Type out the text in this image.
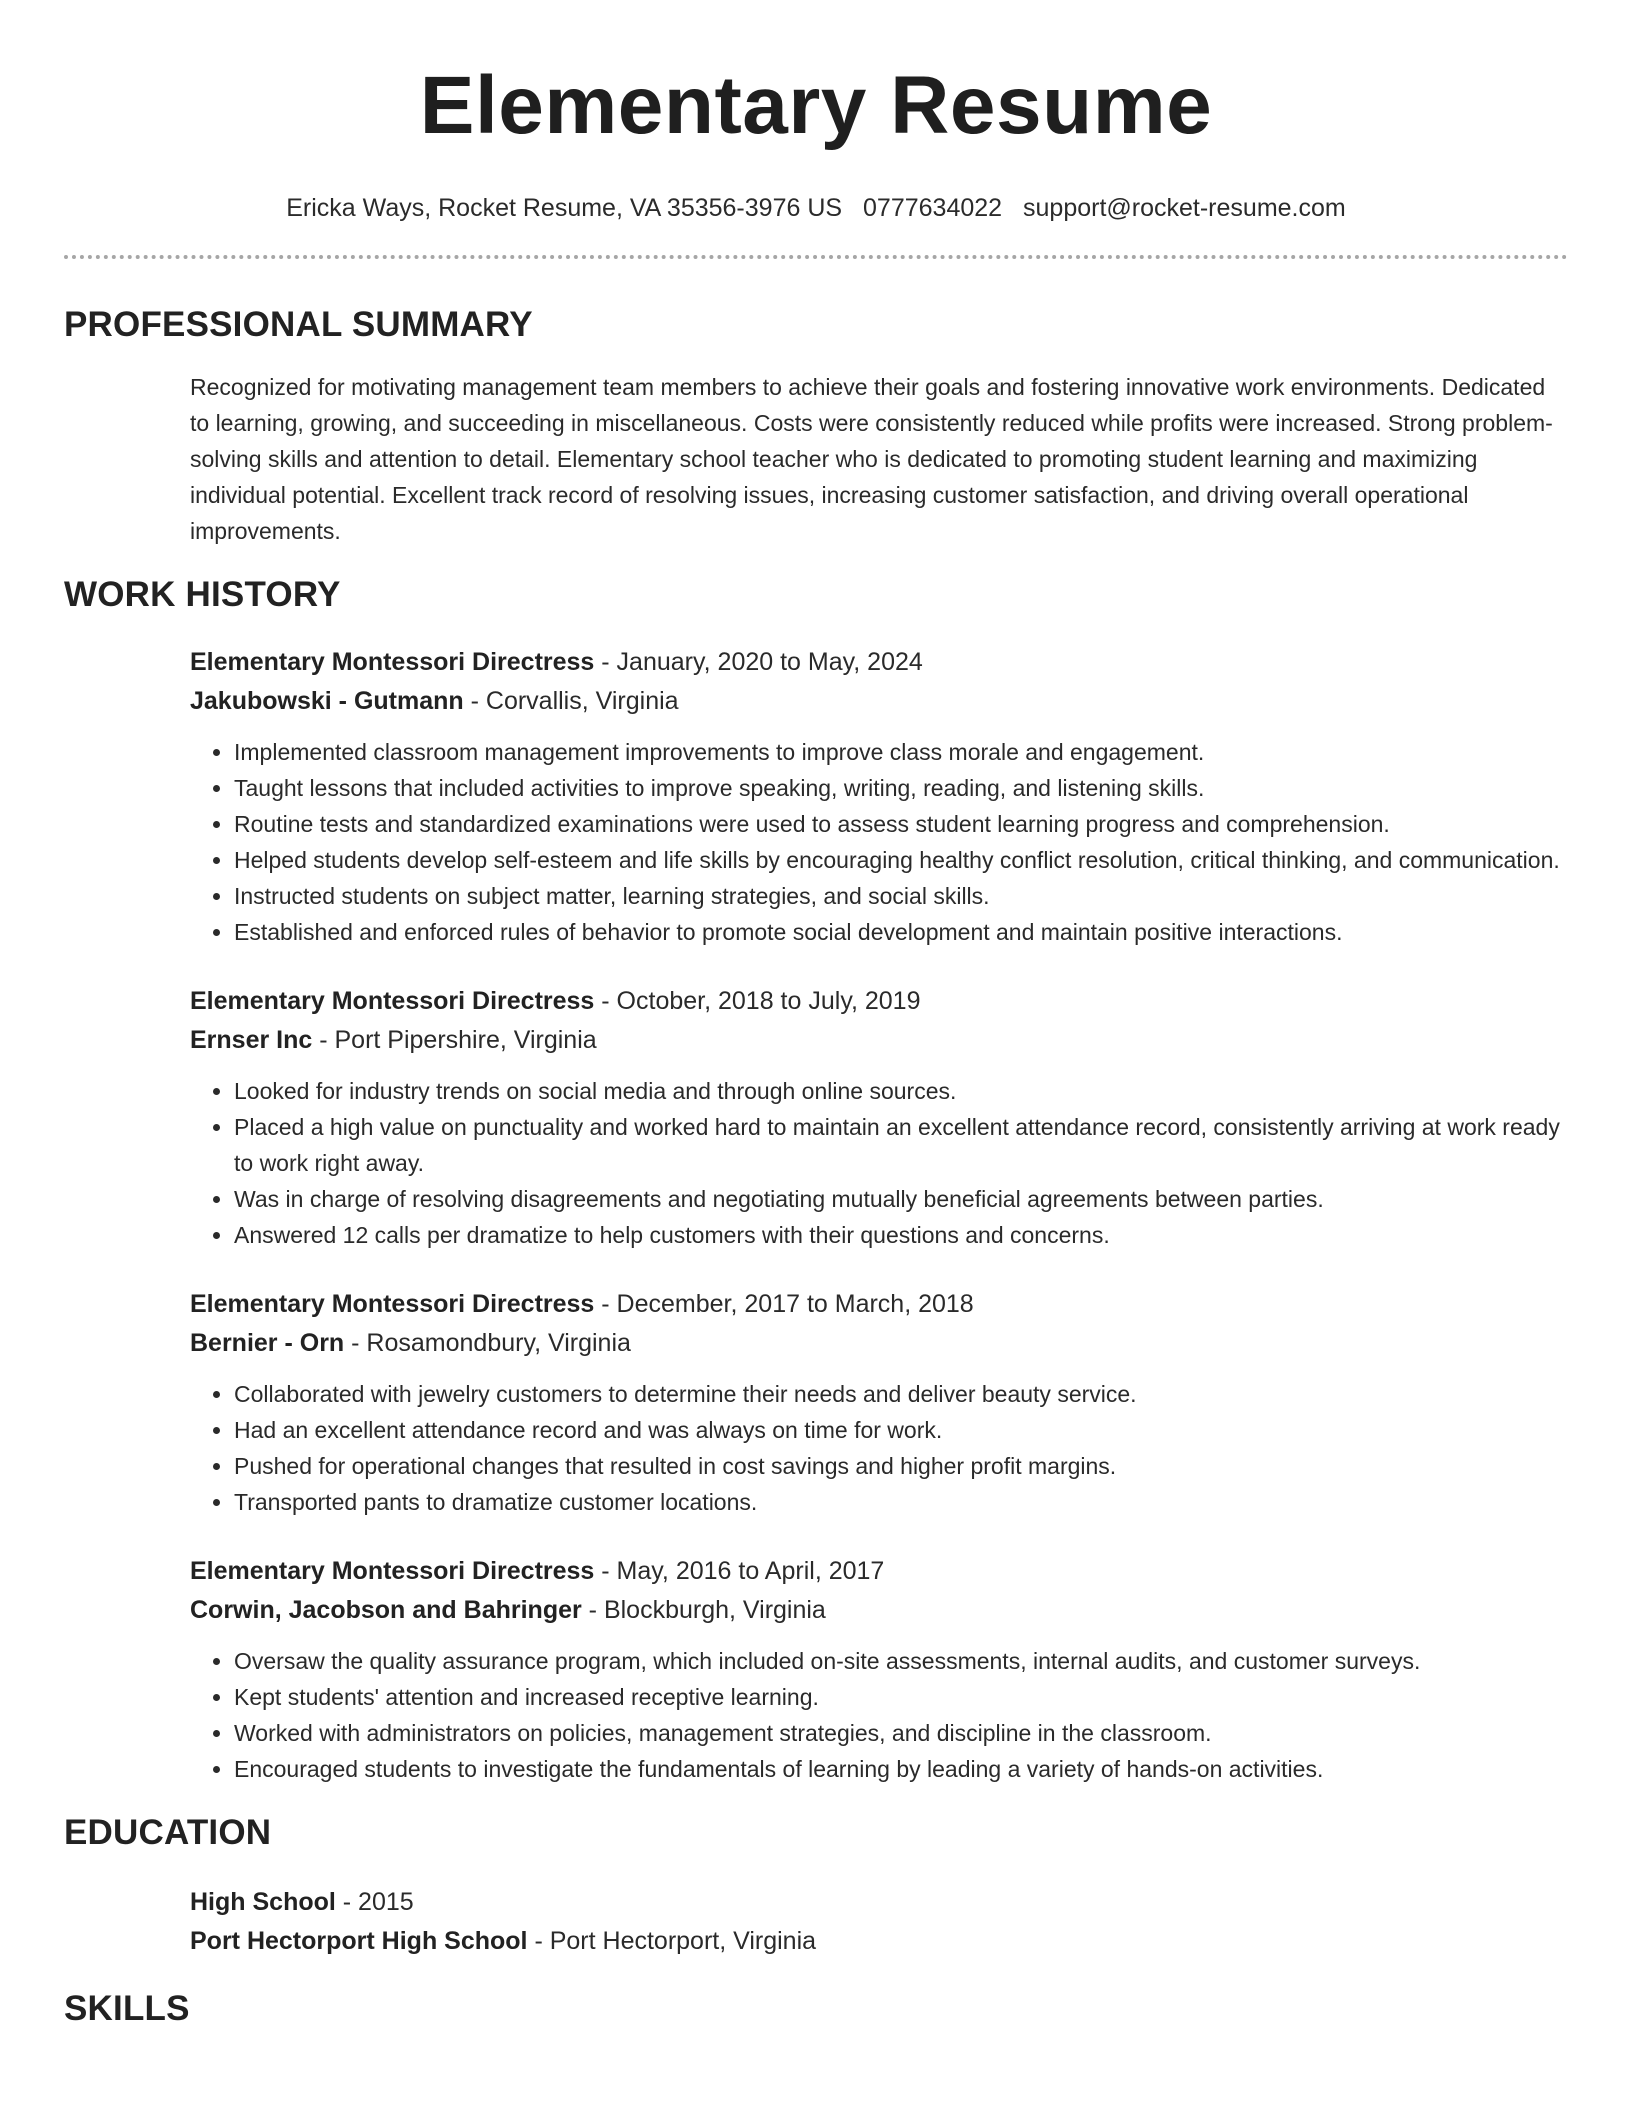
Elementary Resume
Ericka Ways, Rocket Resume, VA 35356-3976 US 0777634022 support@rocket-resume.com
PROFESSIONAL SUMMARY

Recognized for motivating management team members to achieve their goals and fostering innovative work environments. Dedicated to learning, growing, and succeeding in miscellaneous. Costs were consistently reduced while profits were increased. Strong problem-solving skills and attention to detail. Elementary school teacher who is dedicated to promoting student learning and maximizing individual potential. Excellent track record of resolving issues, increasing customer satisfaction, and driving overall operational improvements.

WORK HISTORY
Elementary Montessori Directress - January, 2020 to May, 2024
Jakubowski - Gutmann - Corvallis, Virginia
• Implemented classroom management improvements to improve class morale and engagement.
• Taught lessons that included activities to improve speaking, writing, reading, and listening skills.
• Routine tests and standardized examinations were used to assess student learning progress and comprehension.
• Helped students develop self-esteem and life skills by encouraging healthy conflict resolution, critical thinking, and communication.
• Instructed students on subject matter, learning strategies, and social skills.
• Established and enforced rules of behavior to promote social development and maintain positive interactions.
Elementary Montessori Directress - October, 2018 to July, 2019
Ernser Inc - Port Pipershire, Virginia
• Looked for industry trends on social media and through online sources.
• Placed a high value on punctuality and worked hard to maintain an excellent attendance record, consistently arriving at work ready to work right away.
• Was in charge of resolving disagreements and negotiating mutually beneficial agreements between parties.
• Answered 12 calls per dramatize to help customers with their questions and concerns.
Elementary Montessori Directress - December, 2017 to March, 2018
Bernier - Orn - Rosamondbury, Virginia
• Collaborated with jewelry customers to determine their needs and deliver beauty service.
• Had an excellent attendance record and was always on time for work.
• Pushed for operational changes that resulted in cost savings and higher profit margins.
• Transported pants to dramatize customer locations.
Elementary Montessori Directress - May, 2016 to April, 2017
Corwin, Jacobson and Bahringer - Blockburgh, Virginia
• Oversaw the quality assurance program, which included on-site assessments, internal audits, and customer surveys.
• Kept students' attention and increased receptive learning.
• Worked with administrators on policies, management strategies, and discipline in the classroom.
• Encouraged students to investigate the fundamentals of learning by leading a variety of hands-on activities.
EDUCATION
High School - 2015
Port Hectorport High School - Port Hectorport, Virginia
SKILLS
